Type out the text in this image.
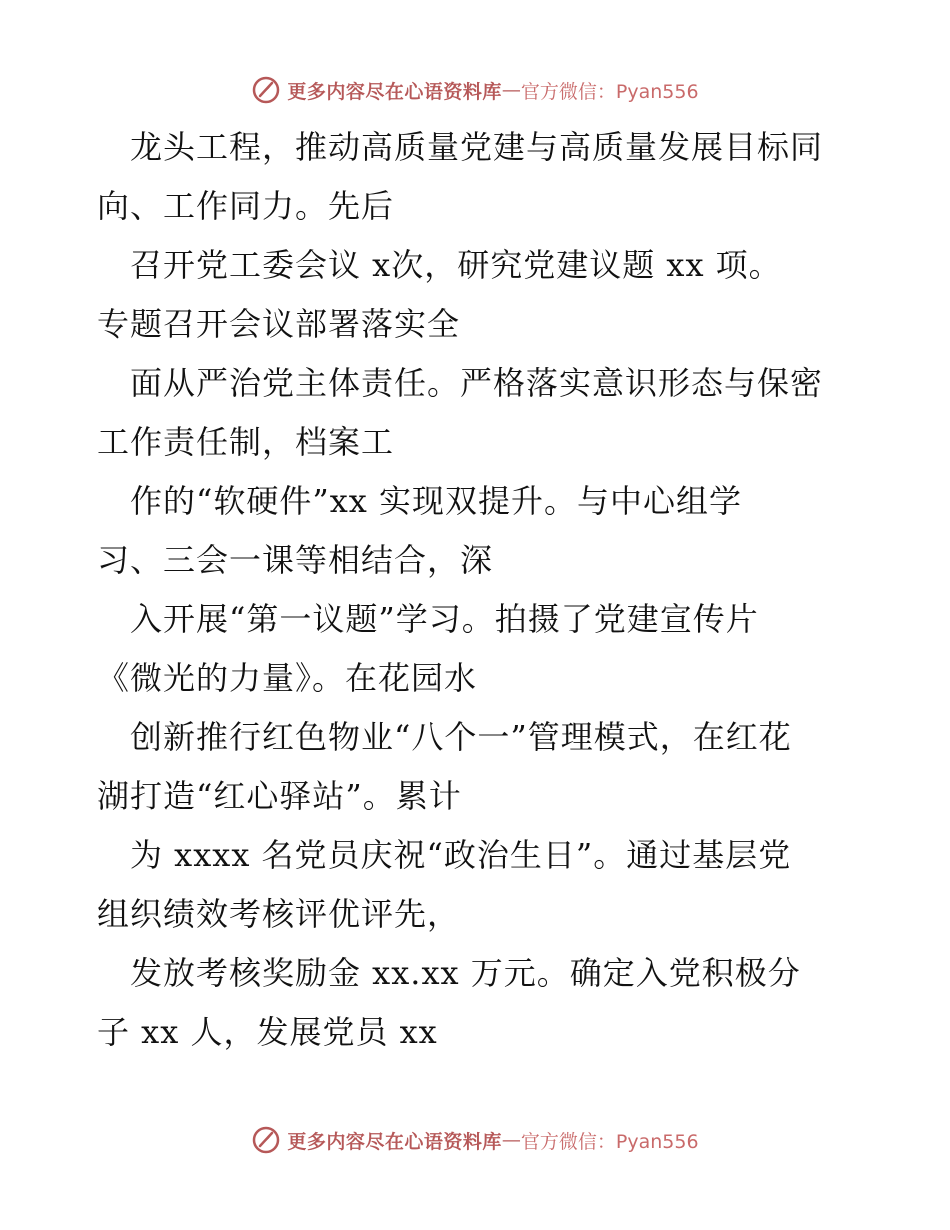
更多内容尽在心语资料库 — 官方微信：Pyan556
　龙头工程，推动高质量党建与高质量发展目标同
向、工作同力。先后
　召开党工委会议 x次，研究党建议题 xx 项。
专题召开会议部署落实全
　面从严治党主体责任。严格落实意识形态与保密
工作责任制，档案工
　作的“软硬件”xx 实现双提升。与中心组学
习、三会一课等相结合，深
　入开展“第一议题”学习。拍摄了党建宣传片
《微光的力量》。在花园水
　创新推行红色物业“八个一”管理模式，在红花
湖打造“红心驿站”。累计
　为 xxxx 名党员庆祝“政治生日”。通过基层党
组织绩效考核评优评先，
　发放考核奖励金 xx.xx 万元。确定入党积极分
子 xx 人，发展党员 xx
更多内容尽在心语资料库 — 官方微信：Pyan556
